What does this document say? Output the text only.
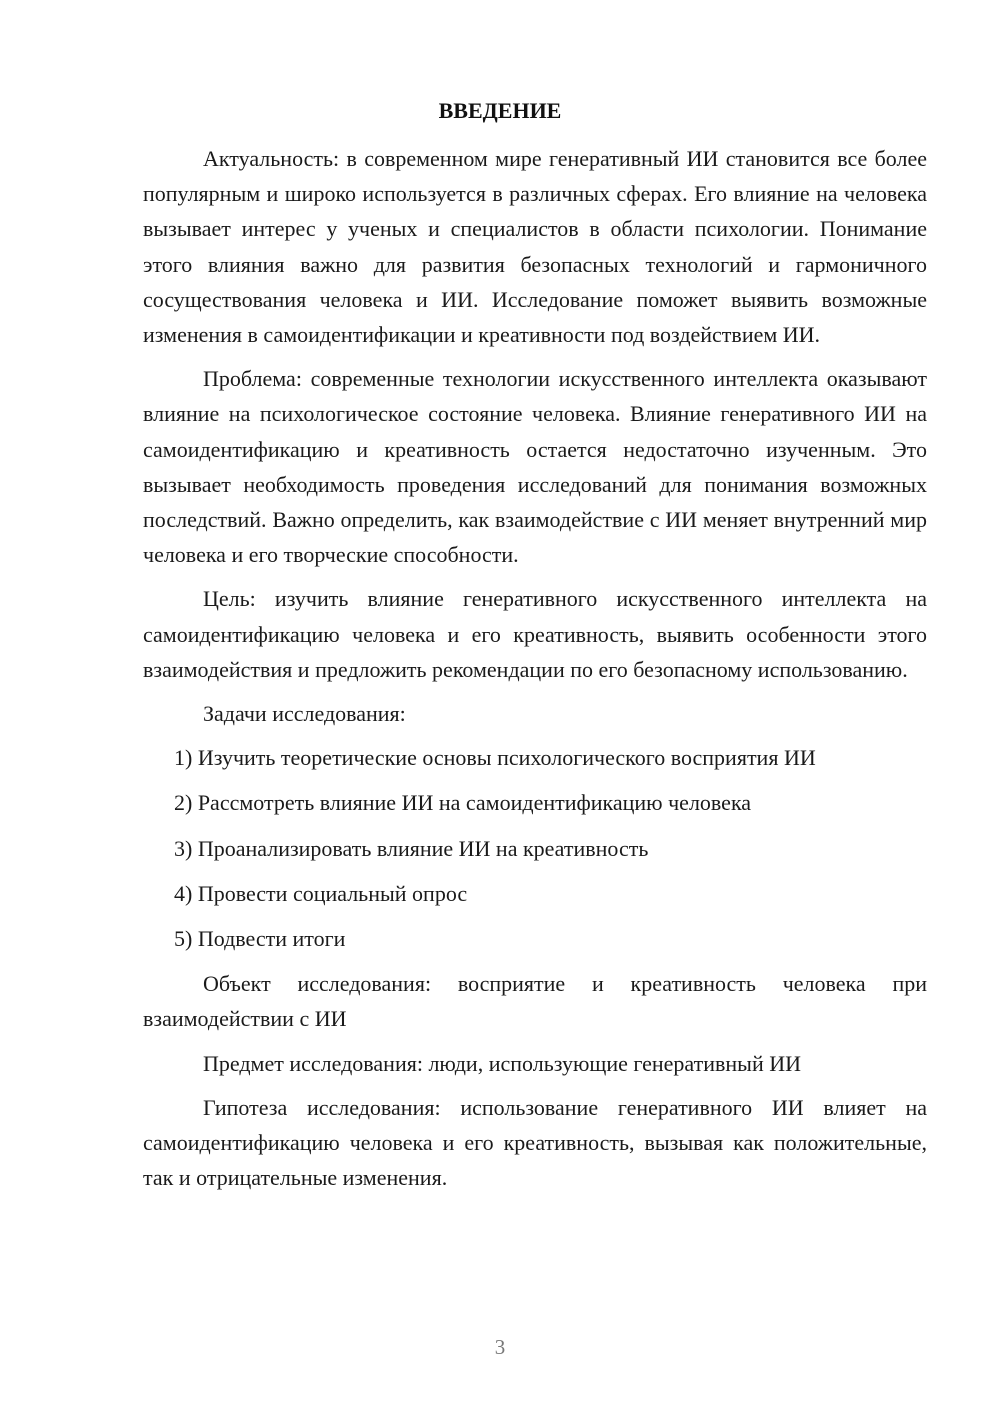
ВВЕДЕНИЕ

Актуальность: в современном мире генеративный ИИ становится все более популярным и широко используется в различных сферах. Его влияние на человека вызывает интерес у ученых и специалистов в области психологии. Понимание этого влияния важно для развития безопасных технологий и гармоничного сосуществования человека и ИИ. Исследование поможет выявить возможные изменения в самоидентификации и креативности под воздействием ИИ.

Проблема: современные технологии искусственного интеллекта оказывают влияние на психологическое состояние человека. Влияние генеративного ИИ на самоидентификацию и креативность остается недостаточно изученным. Это вызывает необходимость проведения исследований для понимания возможных последствий. Важно определить, как взаимодействие с ИИ меняет внутренний мир человека и его творческие способности.

Цель: изучить влияние генеративного искусственного интеллекта на самоидентификацию человека и его креативность, выявить особенности этого взаимодействия и предложить рекомендации по его безопасному использованию.

Задачи исследования:

1) Изучить теоретические основы психологического восприятия ИИ

2) Рассмотреть влияние ИИ на самоидентификацию человека

3) Проанализировать влияние ИИ на креативность

4) Провести социальный опрос

5) Подвести итоги

Объект исследования: восприятие и креативность человека при взаимодействии с ИИ

Предмет исследования: люди, использующие генеративный ИИ

Гипотеза исследования: использование генеративного ИИ влияет на самоидентификацию человека и его креативность, вызывая как положительные, так и отрицательные изменения.

3
